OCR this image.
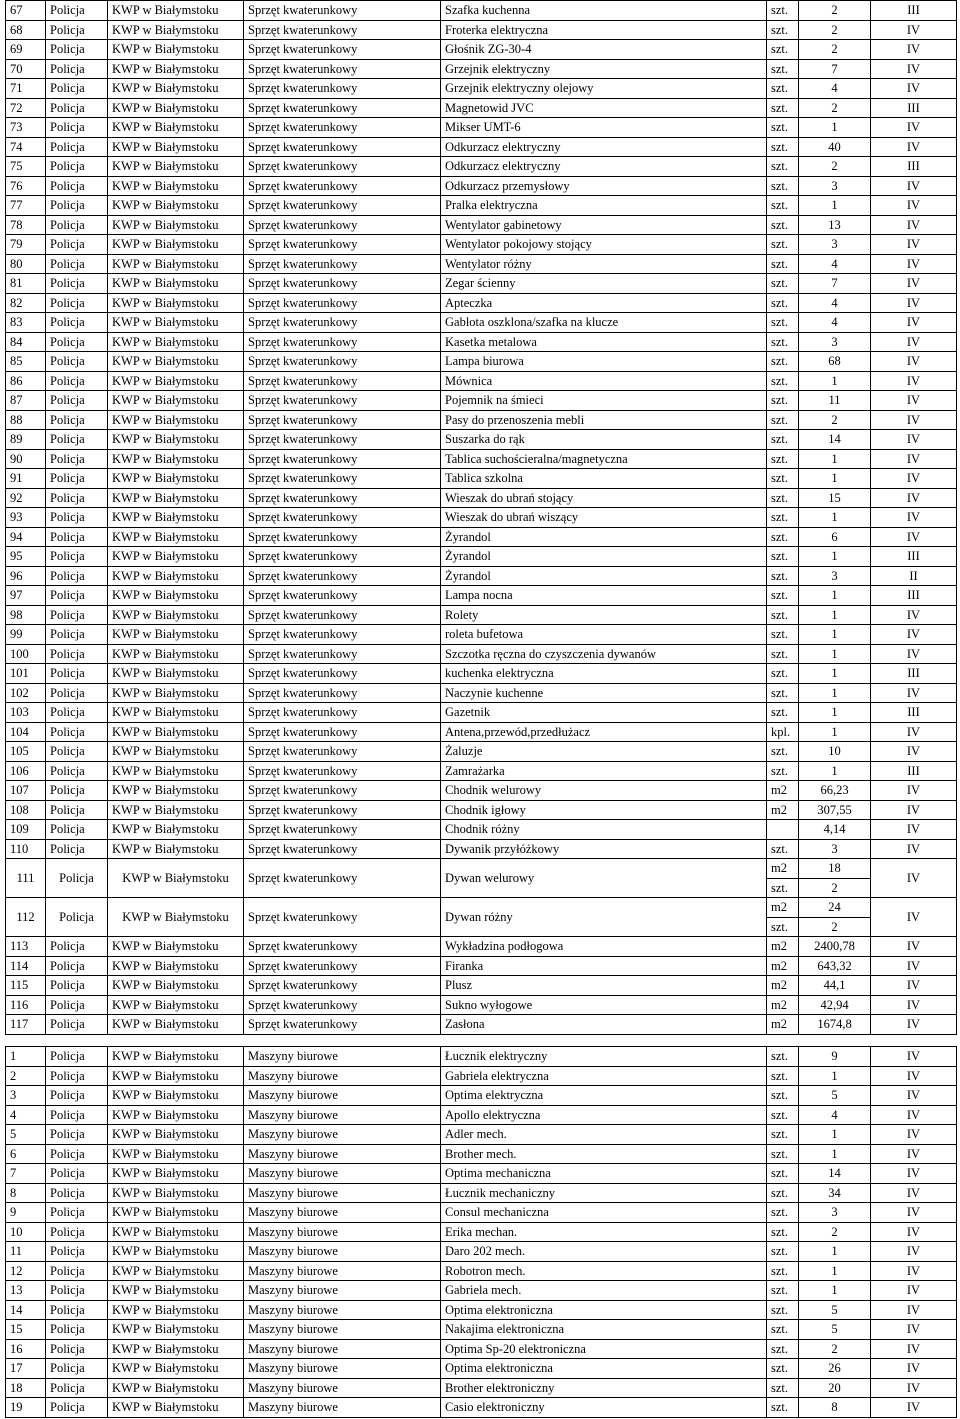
67	Policja	KWP w Białymstoku	Sprzęt kwaterunkowy	Szafka kuchenna	szt.	2	III
68	Policja	KWP w Białymstoku	Sprzęt kwaterunkowy	Froterka elektryczna	szt.	2	IV
69	Policja	KWP w Białymstoku	Sprzęt kwaterunkowy	Głośnik ZG-30-4	szt.	2	IV
70	Policja	KWP w Białymstoku	Sprzęt kwaterunkowy	Grzejnik elektryczny	szt.	7	IV
71	Policja	KWP w Białymstoku	Sprzęt kwaterunkowy	Grzejnik elektryczny olejowy	szt.	4	IV
72	Policja	KWP w Białymstoku	Sprzęt kwaterunkowy	Magnetowid JVC	szt.	2	III
73	Policja	KWP w Białymstoku	Sprzęt kwaterunkowy	Mikser UMT-6	szt.	1	IV
74	Policja	KWP w Białymstoku	Sprzęt kwaterunkowy	Odkurzacz elektryczny	szt.	40	IV
75	Policja	KWP w Białymstoku	Sprzęt kwaterunkowy	Odkurzacz elektryczny	szt.	2	III
76	Policja	KWP w Białymstoku	Sprzęt kwaterunkowy	Odkurzacz przemysłowy	szt.	3	IV
77	Policja	KWP w Białymstoku	Sprzęt kwaterunkowy	Pralka elektryczna	szt.	1	IV
78	Policja	KWP w Białymstoku	Sprzęt kwaterunkowy	Wentylator gabinetowy	szt.	13	IV
79	Policja	KWP w Białymstoku	Sprzęt kwaterunkowy	Wentylator pokojowy stojący	szt.	3	IV
80	Policja	KWP w Białymstoku	Sprzęt kwaterunkowy	Wentylator różny	szt.	4	IV
81	Policja	KWP w Białymstoku	Sprzęt kwaterunkowy	Zegar ścienny	szt.	7	IV
82	Policja	KWP w Białymstoku	Sprzęt kwaterunkowy	Apteczka	szt.	4	IV
83	Policja	KWP w Białymstoku	Sprzęt kwaterunkowy	Gablota oszklona/szafka na klucze	szt.	4	IV
84	Policja	KWP w Białymstoku	Sprzęt kwaterunkowy	Kasetka metalowa	szt.	3	IV
85	Policja	KWP w Białymstoku	Sprzęt kwaterunkowy	Lampa biurowa	szt.	68	IV
86	Policja	KWP w Białymstoku	Sprzęt kwaterunkowy	Mównica	szt.	1	IV
87	Policja	KWP w Białymstoku	Sprzęt kwaterunkowy	Pojemnik na śmieci	szt.	11	IV
88	Policja	KWP w Białymstoku	Sprzęt kwaterunkowy	Pasy do przenoszenia mebli	szt.	2	IV
89	Policja	KWP w Białymstoku	Sprzęt kwaterunkowy	Suszarka do rąk	szt.	14	IV
90	Policja	KWP w Białymstoku	Sprzęt kwaterunkowy	Tablica suchościeralna/magnetyczna	szt.	1	IV
91	Policja	KWP w Białymstoku	Sprzęt kwaterunkowy	Tablica szkolna	szt.	1	IV
92	Policja	KWP w Białymstoku	Sprzęt kwaterunkowy	Wieszak do ubrań stojący	szt.	15	IV
93	Policja	KWP w Białymstoku	Sprzęt kwaterunkowy	Wieszak do ubrań wiszący	szt.	1	IV
94	Policja	KWP w Białymstoku	Sprzęt kwaterunkowy	Żyrandol	szt.	6	IV
95	Policja	KWP w Białymstoku	Sprzęt kwaterunkowy	Żyrandol	szt.	1	III
96	Policja	KWP w Białymstoku	Sprzęt kwaterunkowy	Żyrandol	szt.	3	II
97	Policja	KWP w Białymstoku	Sprzęt kwaterunkowy	Lampa nocna	szt.	1	III
98	Policja	KWP w Białymstoku	Sprzęt kwaterunkowy	Rolety	szt.	1	IV
99	Policja	KWP w Białymstoku	Sprzęt kwaterunkowy	roleta bufetowa	szt.	1	IV
100	Policja	KWP w Białymstoku	Sprzęt kwaterunkowy	Szczotka ręczna do czyszczenia dywanów	szt.	1	IV
101	Policja	KWP w Białymstoku	Sprzęt kwaterunkowy	kuchenka elektryczna	szt.	1	III
102	Policja	KWP w Białymstoku	Sprzęt kwaterunkowy	Naczynie kuchenne	szt.	1	IV
103	Policja	KWP w Białymstoku	Sprzęt kwaterunkowy	Gazetnik	szt.	1	III
104	Policja	KWP w Białymstoku	Sprzęt kwaterunkowy	Antena,przewód,przedłużacz	kpl.	1	IV
105	Policja	KWP w Białymstoku	Sprzęt kwaterunkowy	Żaluzje	szt.	10	IV
106	Policja	KWP w Białymstoku	Sprzęt kwaterunkowy	Zamrażarka	szt.	1	III
107	Policja	KWP w Białymstoku	Sprzęt kwaterunkowy	Chodnik welurowy	m2	66,23	IV
108	Policja	KWP w Białymstoku	Sprzęt kwaterunkowy	Chodnik igłowy	m2	307,55	IV
109	Policja	KWP w Białymstoku	Sprzęt kwaterunkowy	Chodnik różny		4,14	IV
110	Policja	KWP w Białymstoku	Sprzęt kwaterunkowy	Dywanik przyłóżkowy	szt.	3	IV
111	Policja	KWP w Białymstoku	Sprzęt kwaterunkowy	Dywan welurowy	m2	18	IV
					szt.	2	
112	Policja	KWP w Białymstoku	Sprzęt kwaterunkowy	Dywan różny	m2	24	IV
					szt.	2	
113	Policja	KWP w Białymstoku	Sprzęt kwaterunkowy	Wykładzina podłogowa	m2	2400,78	IV
114	Policja	KWP w Białymstoku	Sprzęt kwaterunkowy	Firanka	m2	643,32	IV
115	Policja	KWP w Białymstoku	Sprzęt kwaterunkowy	Plusz	m2	44,1	IV
116	Policja	KWP w Białymstoku	Sprzęt kwaterunkowy	Sukno wyłogowe	m2	42,94	IV
117	Policja	KWP w Białymstoku	Sprzęt kwaterunkowy	Zasłona	m2	1674,8	IV
1	Policja	KWP w Białymstoku	Maszyny biurowe	Łucznik elektryczny	szt.	9	IV
2	Policja	KWP w Białymstoku	Maszyny biurowe	Gabriela elektryczna	szt.	1	IV
3	Policja	KWP w Białymstoku	Maszyny biurowe	Optima elektryczna	szt.	5	IV
4	Policja	KWP w Białymstoku	Maszyny biurowe	Apollo elektryczna	szt.	4	IV
5	Policja	KWP w Białymstoku	Maszyny biurowe	Adler mech.	szt.	1	IV
6	Policja	KWP w Białymstoku	Maszyny biurowe	Brother mech.	szt.	1	IV
7	Policja	KWP w Białymstoku	Maszyny biurowe	Optima mechaniczna	szt.	14	IV
8	Policja	KWP w Białymstoku	Maszyny biurowe	Łucznik mechaniczny	szt.	34	IV
9	Policja	KWP w Białymstoku	Maszyny biurowe	Consul mechaniczna	szt.	3	IV
10	Policja	KWP w Białymstoku	Maszyny biurowe	Erika mechan.	szt.	2	IV
11	Policja	KWP w Białymstoku	Maszyny biurowe	Daro 202 mech.	szt.	1	IV
12	Policja	KWP w Białymstoku	Maszyny biurowe	Robotron mech.	szt.	1	IV
13	Policja	KWP w Białymstoku	Maszyny biurowe	Gabriela mech.	szt.	1	IV
14	Policja	KWP w Białymstoku	Maszyny biurowe	Optima elektroniczna	szt.	5	IV
15	Policja	KWP w Białymstoku	Maszyny biurowe	Nakajima elektroniczna	szt.	5	IV
16	Policja	KWP w Białymstoku	Maszyny biurowe	Optima Sp-20 elektroniczna	szt.	2	IV
17	Policja	KWP w Białymstoku	Maszyny biurowe	Optima elektroniczna	szt.	26	IV
18	Policja	KWP w Białymstoku	Maszyny biurowe	Brother elektroniczny	szt.	20	IV
19	Policja	KWP w Białymstoku	Maszyny biurowe	Casio elektroniczny	szt.	8	IV
